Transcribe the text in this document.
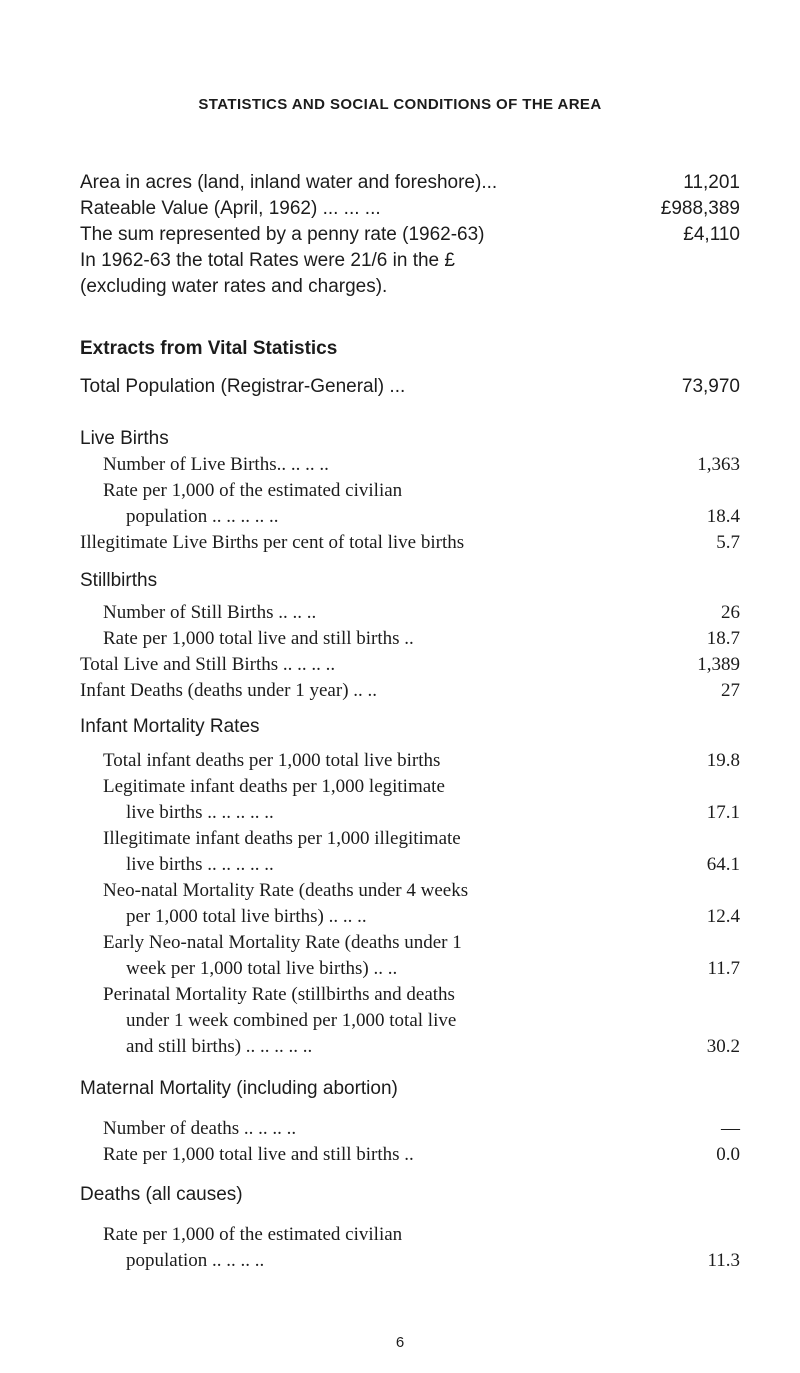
STATISTICS AND SOCIAL CONDITIONS OF THE AREA
Area in acres (land, inland water and foreshore)...	11,201
Rateable Value (April, 1962) ... ... ...	£988,389
The sum represented by a penny rate (1962-63)	£4,110
In 1962-63 the total Rates were 21/6 in the £
(excluding water rates and charges).
Extracts from Vital Statistics
Total Population (Registrar-General) ...	73,970
Live Births
Number of Live Births.. .. .. ..	1,363
Rate per 1,000 of the estimated civilian
population .. .. .. .. ..	18.4
Illegitimate Live Births per cent of total live births	5.7
Stillbirths
Number of Still Births .. .. ..	26
Rate per 1,000 total live and still births ..	18.7
Total Live and Still Births .. .. .. ..	1,389
Infant Deaths (deaths under 1 year) .. ..	27
Infant Mortality Rates
Total infant deaths per 1,000 total live births	19.8
Legitimate infant deaths per 1,000 legitimate
live births .. .. .. .. ..	17.1
Illegitimate infant deaths per 1,000 illegitimate
live births .. .. .. .. ..	64.1
Neo-natal Mortality Rate (deaths under 4 weeks
per 1,000 total live births) .. .. ..	12.4
Early Neo-natal Mortality Rate (deaths under 1
week per 1,000 total live births) .. ..	11.7
Perinatal Mortality Rate (stillbirths and deaths
under 1 week combined per 1,000 total live
and still births) .. .. .. .. ..	30.2
Maternal Mortality (including abortion)
Number of deaths .. .. .. ..	—
Rate per 1,000 total live and still births ..	0.0
Deaths (all causes)
Rate per 1,000 of the estimated civilian
population .. .. .. ..	11.3
6
